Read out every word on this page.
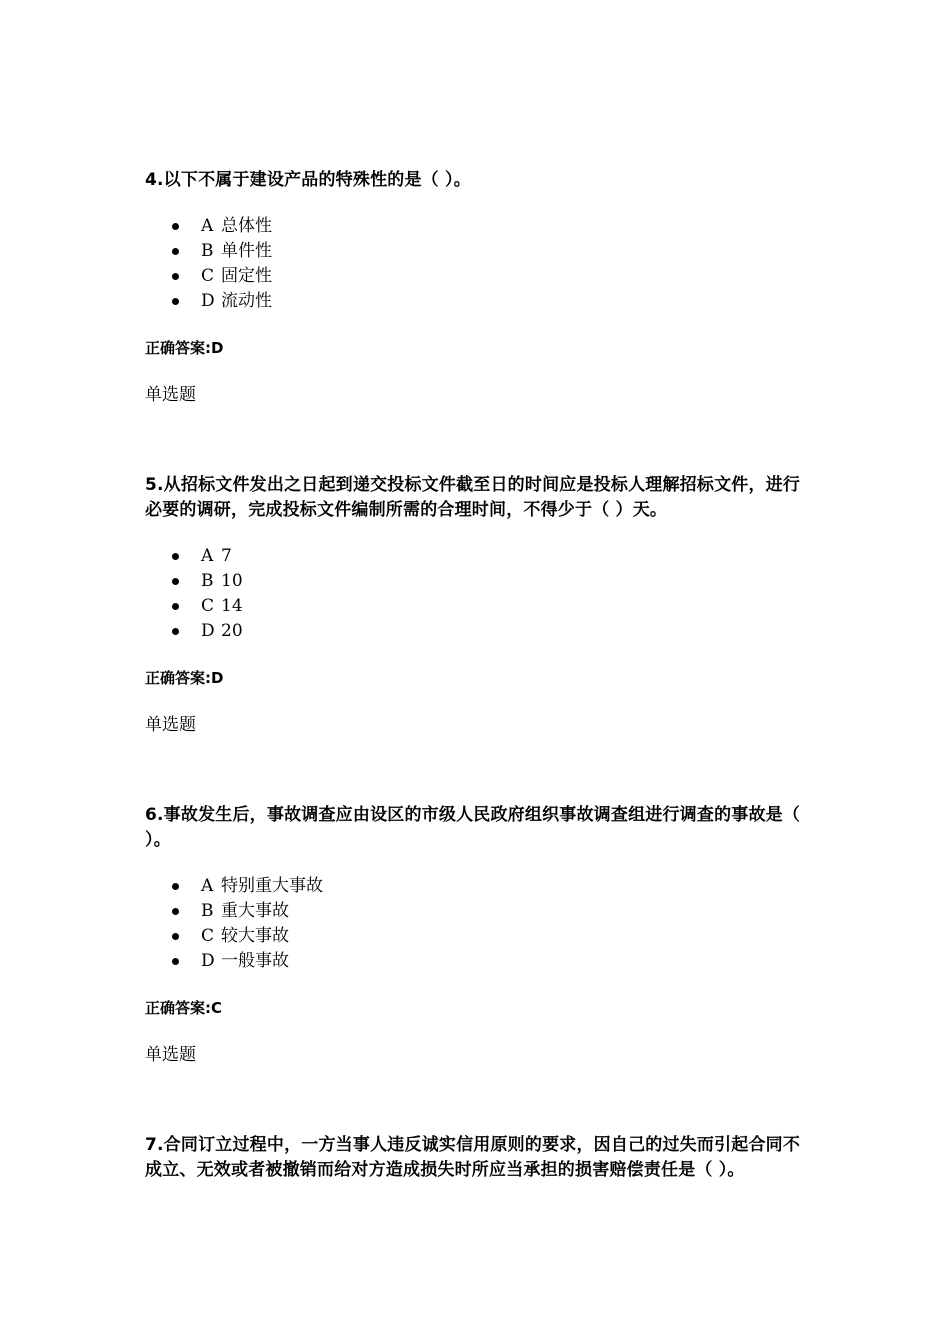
4.以下不属于建设产品的特殊性的是（ ）。

A 总体性
B 单件性
C 固定性
D 流动性

正确答案:D

单选题

5.从招标文件发出之日起到递交投标文件截至日的时间应是投标人理解招标文件，进行必要的调研，完成投标文件编制所需的合理时间，不得少于（ ）天。

A 7
B 10
C 14
D 20

正确答案:D

单选题

6.事故发生后，事故调查应由设区的市级人民政府组织事故调查组进行调查的事故是（ ）。

A 特别重大事故
B 重大事故
C 较大事故
D 一般事故

正确答案:C

单选题

7.合同订立过程中，一方当事人违反诚实信用原则的要求，因自己的过失而引起合同不成立、无效或者被撤销而给对方造成损失时所应当承担的损害赔偿责任是（ ）。
